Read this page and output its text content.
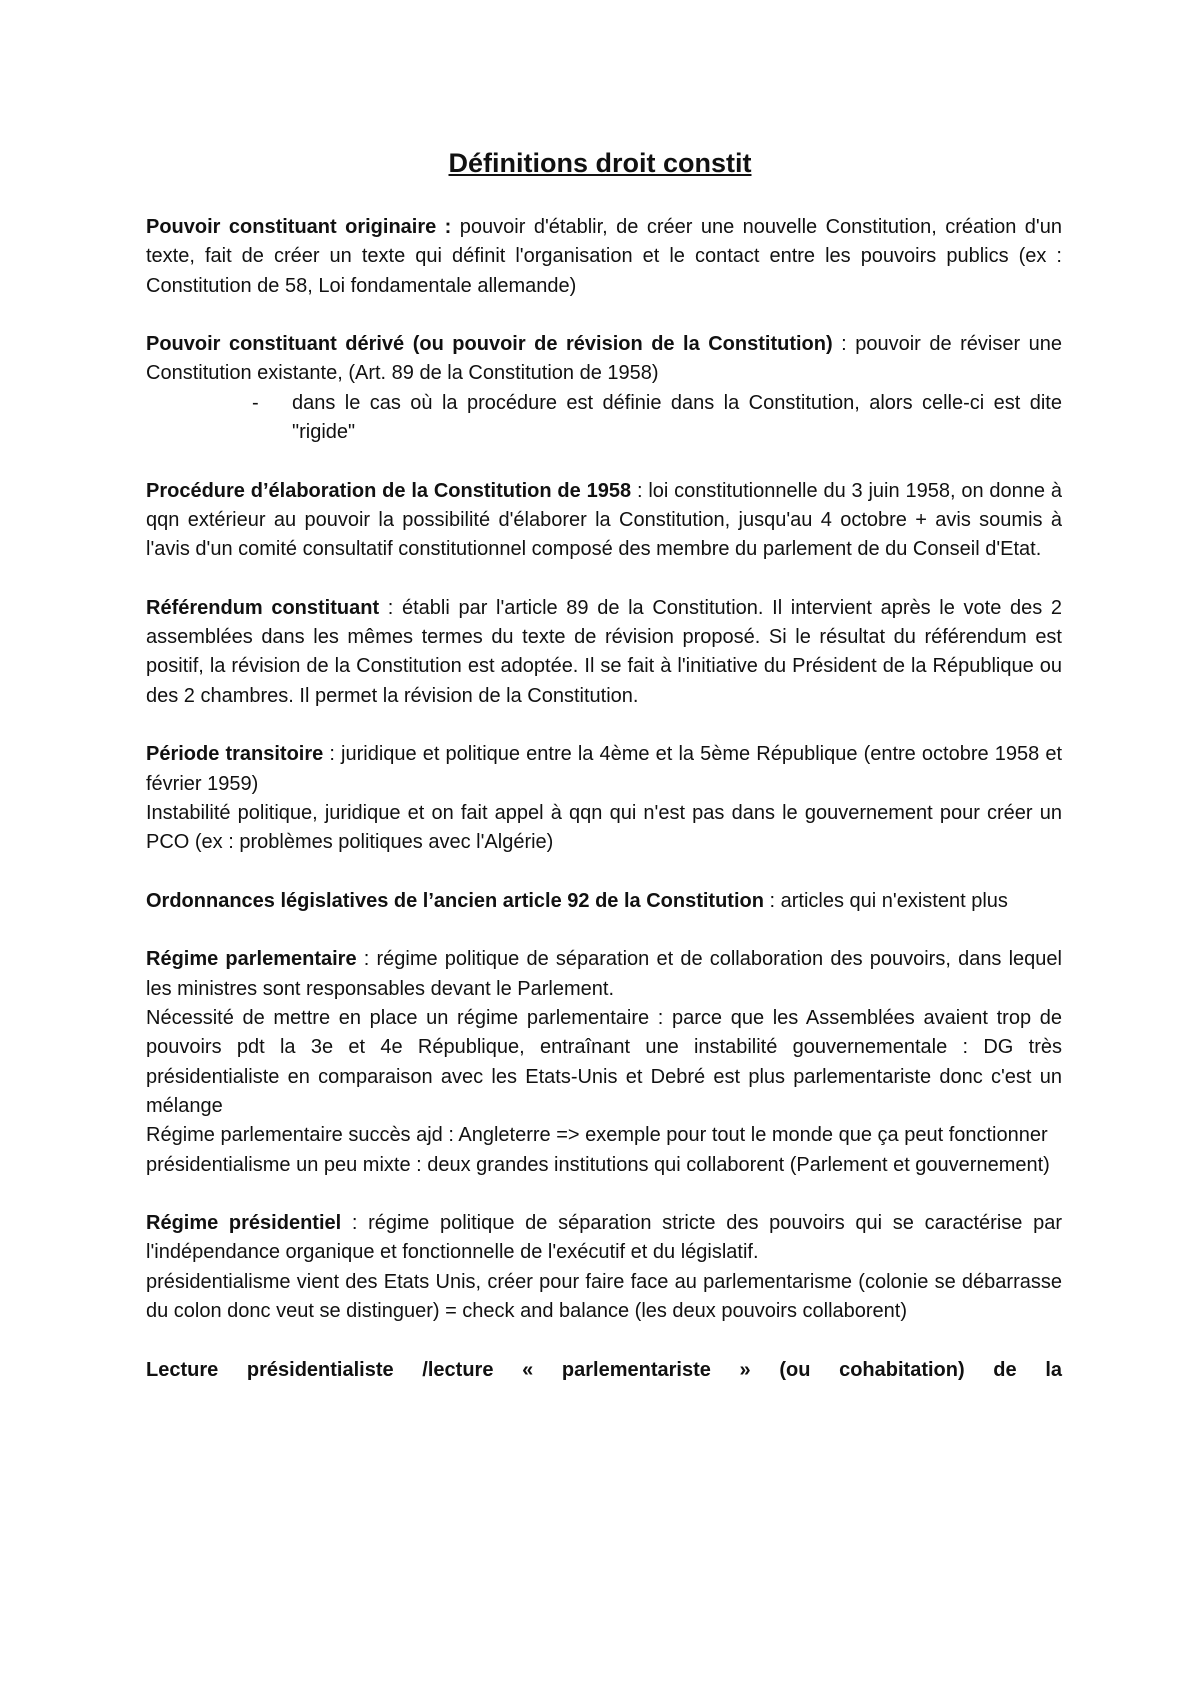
Définitions droit constit

Pouvoir constituant originaire : pouvoir d'établir, de créer une nouvelle Constitution, création d'un texte, fait de créer un texte qui définit l'organisation et le contact entre les pouvoirs publics (ex : Constitution de 58, Loi fondamentale allemande)

Pouvoir constituant dérivé (ou pouvoir de révision de la Constitution) : pouvoir de réviser une Constitution existante, (Art. 89 de la Constitution de 1958)

- dans le cas où la procédure est définie dans la Constitution, alors celle-ci est dite "rigide"

Procédure d’élaboration de la Constitution de 1958 : loi constitutionnelle du 3 juin 1958, on donne à qqn extérieur au pouvoir la possibilité d'élaborer la Constitution, jusqu'au 4 octobre + avis soumis à l'avis d'un comité consultatif constitutionnel composé des membre du parlement de du Conseil d'Etat.

Référendum constituant : établi par l'article 89 de la Constitution. Il intervient après le vote des 2 assemblées dans les mêmes termes du texte de révision proposé. Si le résultat du référendum est positif, la révision de la Constitution est adoptée. Il se fait à l'initiative du Président de la République ou des 2 chambres. Il permet la révision de la Constitution.

Période transitoire : juridique et politique entre la 4ème et la 5ème République (entre octobre 1958 et février 1959)

Instabilité politique, juridique et on fait appel à qqn qui n'est pas dans le gouvernement pour créer un PCO (ex : problèmes politiques avec l'Algérie)

Ordonnances législatives de l’ancien article 92 de la Constitution : articles qui n'existent plus

Régime parlementaire : régime politique de séparation et de collaboration des pouvoirs, dans lequel les ministres sont responsables devant le Parlement.

Nécessité de mettre en place un régime parlementaire : parce que les Assemblées avaient trop de pouvoirs pdt la 3e et 4e République, entraînant une instabilité gouvernementale : DG très présidentialiste en comparaison avec les Etats-Unis et Debré est plus parlementariste donc c'est un mélange

Régime parlementaire succès ajd : Angleterre => exemple pour tout le monde que ça peut fonctionner

présidentialisme un peu mixte : deux grandes institutions qui collaborent (Parlement et gouvernement)

Régime présidentiel : régime politique de séparation stricte des pouvoirs qui se caractérise par l'indépendance organique et fonctionnelle de l'exécutif et du législatif.

présidentialisme vient des Etats Unis, créer pour faire face au parlementarisme (colonie se débarrasse du colon donc veut se distinguer) = check and balance (les deux pouvoirs collaborent)

Lecture présidentialiste /lecture « parlementariste » (ou cohabitation) de la
